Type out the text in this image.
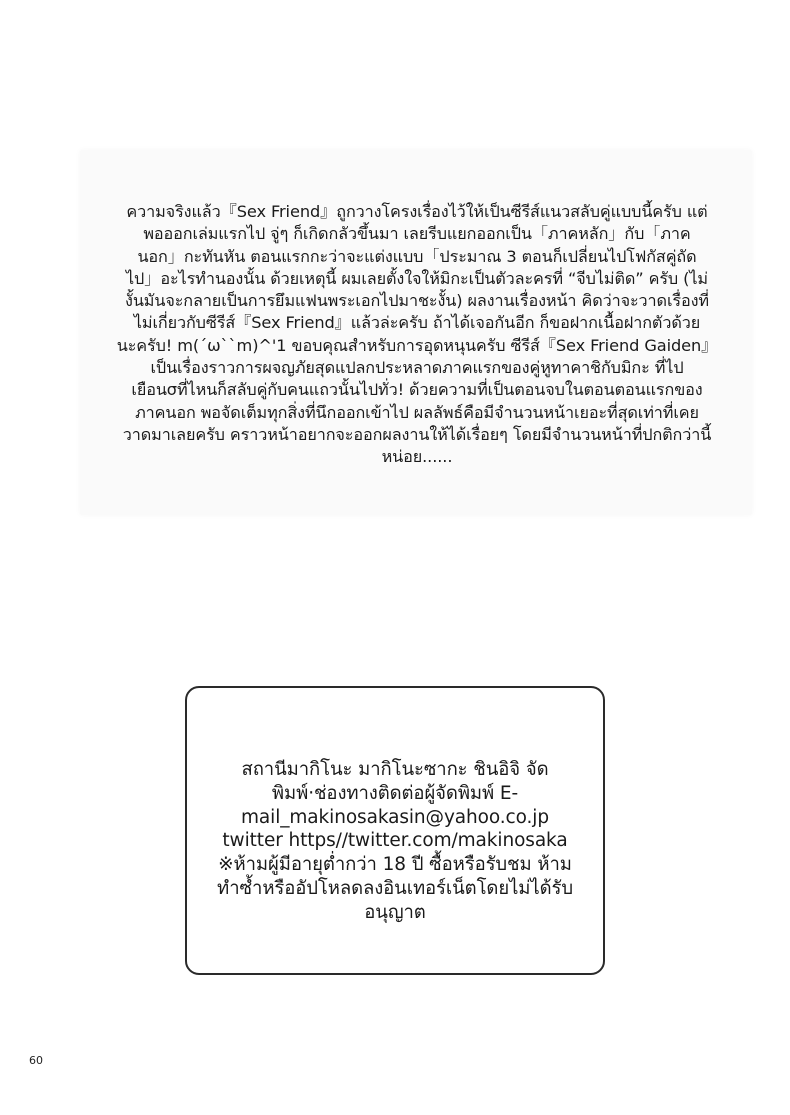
ความจริงแล้ว『Sex Friend』ถูกวางโครงเรื่องไว้ให้เป็นซีรีส์แนวสลับคู่แบบนี้ครับ แต่
พอออกเล่มแรกไป จู่ๆ ก็เกิดกลัวขึ้นมา เลยรีบแยกออกเป็น「ภาคหลัก」กับ「ภาค
นอก」กะทันหัน ตอนแรกกะว่าจะแต่งแบบ「ประมาณ 3 ตอนก็เปลี่ยนไปโฟกัสคู่ถัด
ไป」อะไรทำนองนั้น ด้วยเหตุนี้ ผมเลยตั้งใจให้มิกะเป็นตัวละครที่ “จีบไม่ติด” ครับ (ไม่
งั้นมันจะกลายเป็นการยึมแฟนพระเอกไปมาชะงั้น) ผลงานเรื่องหน้า คิดว่าจะวาดเรื่องที่
ไม่เกี่ยวกับซีรีส์『Sex Friend』แล้วล่ะครับ ถ้าได้เจอกันอีก ก็ขอฝากเนื้อฝากตัวด้วย
นะครับ! m(´ω``m)^'1 ขอบคุณสำหรับการอุดหนุนครับ ซีรีส์『Sex Friend Gaiden』
เป็นเรื่องราวการผจญภัยสุดแปลกประหลาดภาคแรกของคู่หูทาคาชิกับมิกะ ที่ไป
เยือนσที่ไหนก็สลับคู่กับคนแถวนั้นไปทั่ว! ด้วยความที่เป็นตอนจบในตอนตอนแรกของ
ภาคนอก พอจัดเต็มทุกสิ่งที่นึกออกเข้าไป ผลลัพธ์คือมีจำนวนหน้าเยอะที่สุดเท่าที่เคย
วาดมาเลยครับ คราวหน้าอยากจะออกผลงานให้ได้เรื่อยๆ โดยมีจำนวนหน้าที่ปกติกว่านี้
หน่อย......

สถานีมากิโนะ มากิโนะซากะ ชินอิจิ จัด
พิมพ์·ช่องทางติดต่อผู้จัดพิมพ์ E-
mail_makinosakasin@yahoo.co.jp
twitter https//twitter.com/makinosaka
※ห้ามผู้มีอายุต่ำกว่า 18 ปี ซื้อหรือรับชม ห้าม
ทำซ้ำหรืออัปโหลดลงอินเทอร์เน็ตโดยไม่ได้รับ
อนุญาต

60
